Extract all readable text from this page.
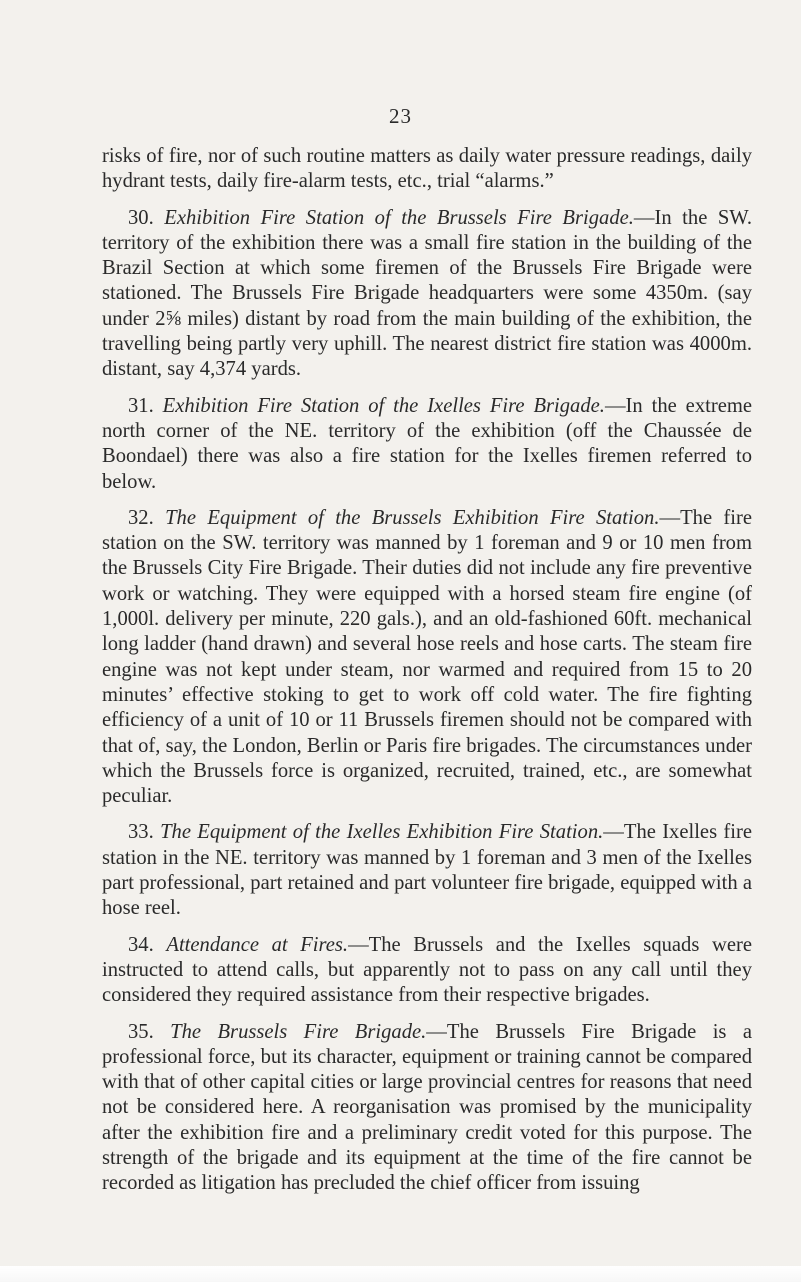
23

risks of fire, nor of such routine matters as daily water pressure readings, daily hydrant tests, daily fire-alarm tests, etc., trial “alarms.”

30. Exhibition Fire Station of the Brussels Fire Brigade.—In the SW. territory of the exhibition there was a small fire station in the building of the Brazil Section at which some firemen of the Brussels Fire Brigade were stationed. The Brussels Fire Brigade headquarters were some 4350m. (say under 2⅝ miles) distant by road from the main building of the exhibition, the travelling being partly very uphill. The nearest district fire station was 4000m. distant, say 4,374 yards.

31. Exhibition Fire Station of the Ixelles Fire Brigade.—In the extreme north corner of the NE. territory of the exhibition (off the Chaussée de Boondael) there was also a fire station for the Ixelles firemen referred to below.

32. The Equipment of the Brussels Exhibition Fire Station.—The fire station on the SW. territory was manned by 1 foreman and 9 or 10 men from the Brussels City Fire Brigade. Their duties did not include any fire preventive work or watching. They were equipped with a horsed steam fire engine (of 1,000l. delivery per minute, 220 gals.), and an old-fashioned 60ft. mechanical long ladder (hand drawn) and several hose reels and hose carts. The steam fire engine was not kept under steam, nor warmed and required from 15 to 20 minutes’ effective stoking to get to work off cold water. The fire fighting efficiency of a unit of 10 or 11 Brussels firemen should not be compared with that of, say, the London, Berlin or Paris fire brigades. The circumstances under which the Brussels force is organized, recruited, trained, etc., are somewhat peculiar.

33. The Equipment of the Ixelles Exhibition Fire Station.—The Ixelles fire station in the NE. territory was manned by 1 foreman and 3 men of the Ixelles part professional, part retained and part volunteer fire brigade, equipped with a hose reel.

34. Attendance at Fires.—The Brussels and the Ixelles squads were instructed to attend calls, but apparently not to pass on any call until they considered they required assistance from their respective brigades.

35. The Brussels Fire Brigade.—The Brussels Fire Brigade is a professional force, but its character, equipment or training cannot be compared with that of other capital cities or large provincial centres for reasons that need not be considered here. A reorganisation was promised by the municipality after the exhibition fire and a preliminary credit voted for this purpose. The strength of the brigade and its equipment at the time of the fire cannot be recorded as litigation has precluded the chief officer from issuing
